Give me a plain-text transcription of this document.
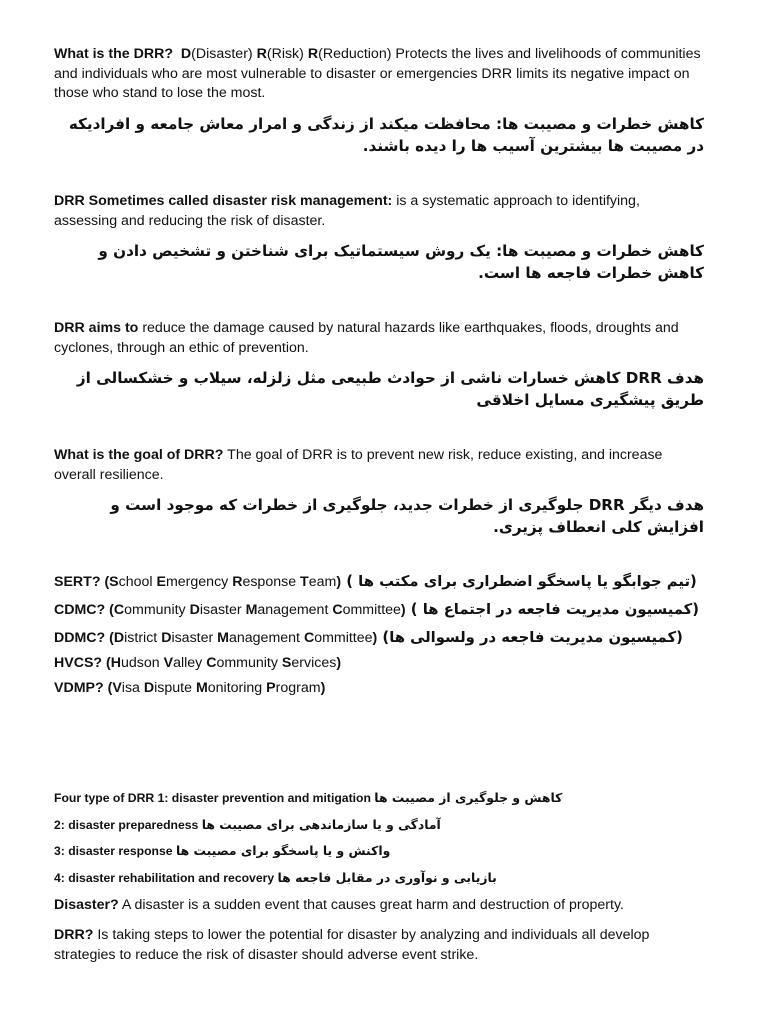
What is the DRR? D(Disaster) R(Risk) R(Reduction) Protects the lives and livelihoods of communities and individuals who are most vulnerable to disaster or emergencies DRR limits its negative impact on those who stand to lose the most.

کاهش خطرات و مصیبت ها: محافظت میکند از زندگی و امرار معاش جامعه و افرادیکه در مصیبت ها بیشترین آسیب ها را دیده باشند.

DRR Sometimes called disaster risk management: is a systematic approach to identifying, assessing and reducing the risk of disaster.

کاهش خطرات و مصیبت ها: یک روش سیستماتیک برای شناختن و تشخیص دادن و کاهش خطرات فاجعه ها است.

DRR aims to reduce the damage caused by natural hazards like earthquakes, floods, droughts and cyclones, through an ethic of prevention.

هدف DRR کاهش خسارات ناشی از حوادث طبیعی مثل زلزله، سیلاب و خشکسالی از طریق پیشگیری مسایل اخلاقی

What is the goal of DRR? The goal of DRR is to prevent new risk, reduce existing, and increase overall resilience.

هدف دیگر DRR جلوگیری از خطرات جدید، جلوگیری از خطرات که موجود است و افزایش کلی انعطاف پزیری.

SERT? (School Emergency Response Team) ( تیم جوابگو یا پاسخگو اضطراری برای مکتب ها)

CDMC? (Community Disaster Management Committee) ( کمیسیون مدیریت فاجعه در اجتماع ها)

DDMC? (District Disaster Management Committee) (کمیسیون مدیریت فاجعه در ولسوالی ها)

HVCS? (Hudson Valley Community Services)

VDMP? (Visa Dispute Monitoring Program)

Four type of DRR 1: disaster prevention and mitigation کاهش و جلوگیری از مصیبت ها

2: disaster preparedness آمادگی و یا سازماندهی برای مصیبت ها

3: disaster response واکنش و یا پاسخگو برای مصیبت ها

4: disaster rehabilitation and recovery بازیابی و نوآوری در مقابل فاجعه ها

Disaster? A disaster is a sudden event that causes great harm and destruction of property.

DRR? Is taking steps to lower the potential for disaster by analyzing and individuals all develop strategies to reduce the risk of disaster should adverse event strike.
